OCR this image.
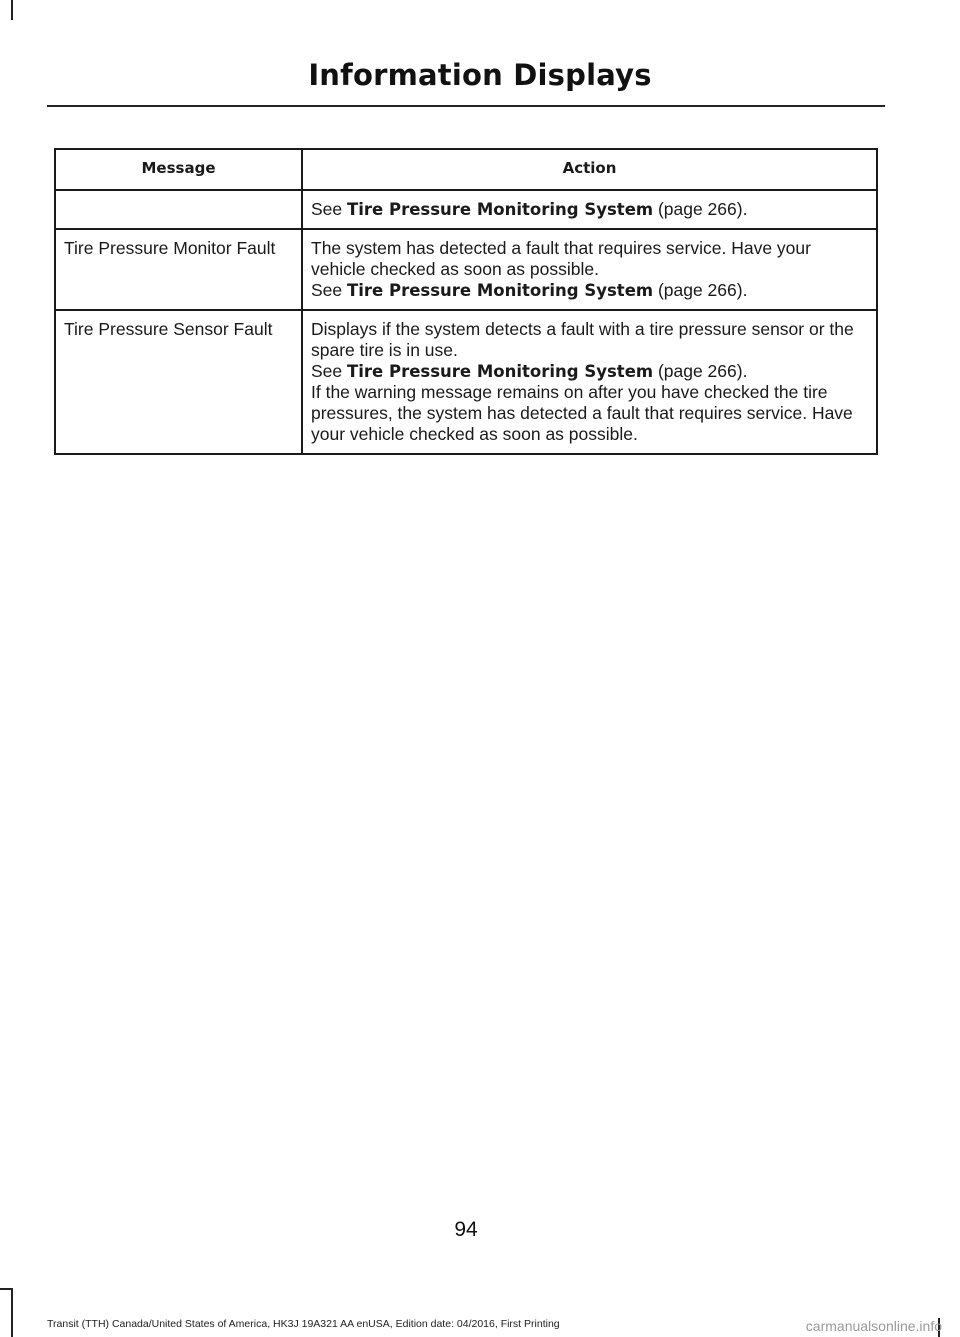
Information Displays
Message	Action

	See Tire Pressure Monitoring System (page 266).

Tire Pressure Monitor Fault	The system has detected a fault that requires service. Have your vehicle checked as soon as possible.
See Tire Pressure Monitoring System (page 266).

Tire Pressure Sensor Fault	Displays if the system detects a fault with a tire pressure sensor or the spare tire is in use.
See Tire Pressure Monitoring System (page 266).
If the warning message remains on after you have checked the tire pressures, the system has detected a fault that requires service. Have your vehicle checked as soon as possible.
94
Transit (TTH) Canada/United States of America, HK3J 19A321 AA enUSA, Edition date: 04/2016, First Printing	carmanualsonline.info
